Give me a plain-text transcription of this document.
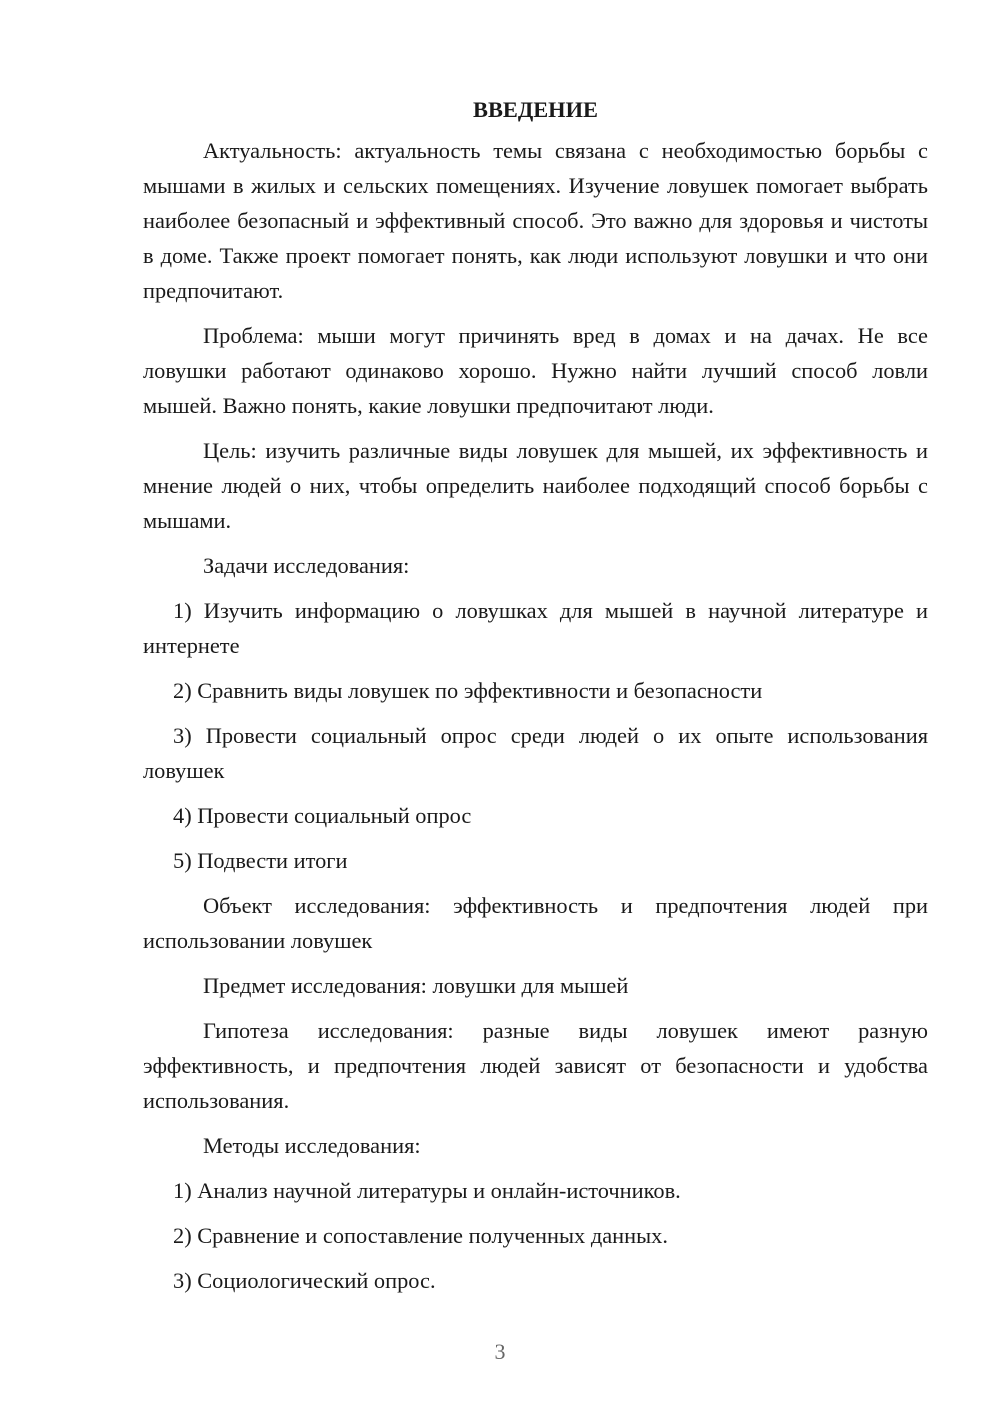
ВВЕДЕНИЕ

Актуальность: актуальность темы связана с необходимостью борьбы с мышами в жилых и сельских помещениях. Изучение ловушек помогает выбрать наиболее безопасный и эффективный способ. Это важно для здоровья и чистоты в доме. Также проект помогает понять, как люди используют ловушки и что они предпочитают.

Проблема: мыши могут причинять вред в домах и на дачах. Не все ловушки работают одинаково хорошо. Нужно найти лучший способ ловли мышей. Важно понять, какие ловушки предпочитают люди.

Цель: изучить различные виды ловушек для мышей, их эффективность и мнение людей о них, чтобы определить наиболее подходящий способ борьбы с мышами.

Задачи исследования:

1) Изучить информацию о ловушках для мышей в научной литературе и интернете

2) Сравнить виды ловушек по эффективности и безопасности

3) Провести социальный опрос среди людей о их опыте использования ловушек

4) Провести социальный опрос

5) Подвести итоги

Объект исследования: эффективность и предпочтения людей при использовании ловушек

Предмет исследования: ловушки для мышей

Гипотеза исследования: разные виды ловушек имеют разную эффективность, и предпочтения людей зависят от безопасности и удобства использования.

Методы исследования:

1) Анализ научной литературы и онлайн-источников.

2) Сравнение и сопоставление полученных данных.

3) Социологический опрос.

3
